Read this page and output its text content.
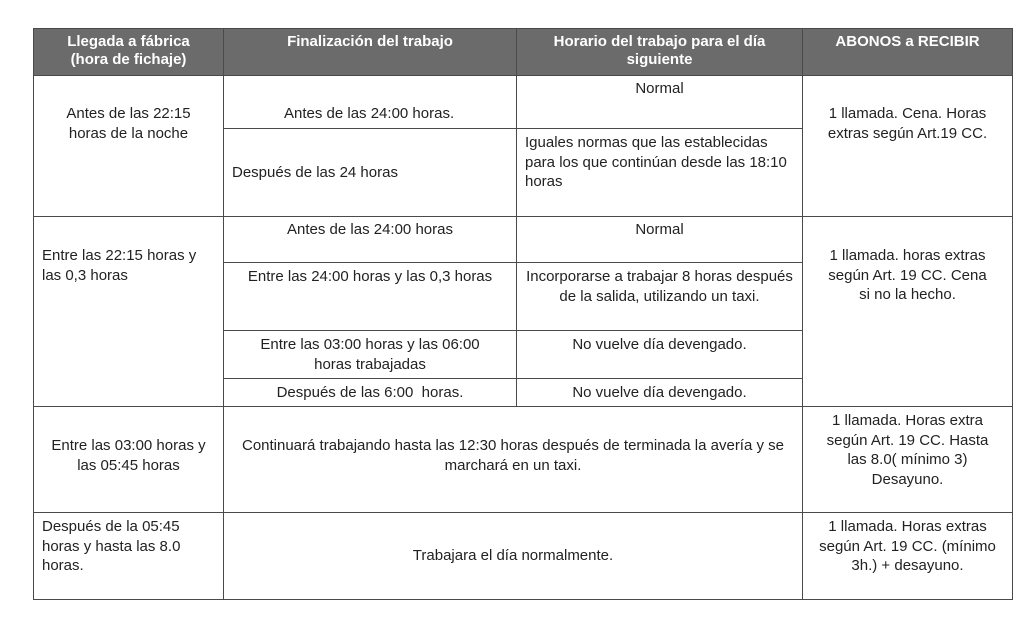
Llegada a fábrica (hora de fichaje)	Finalización del trabajo	Horario del trabajo para el día siguiente	ABONOS a RECIBIR
Antes de las 22:15 horas de la noche	Antes de las 24:00 horas.	Normal	1 llamada. Cena. Horas extras según Art.19 CC.
	Después de las 24 horas	Iguales normas que las establecidas para los que continúan desde las 18:10 horas	
Entre las 22:15 horas y las 0,3 horas	Antes de las 24:00 horas	Normal	1 llamada. horas extras según Art. 19 CC. Cena si no la hecho.
	Entre las 24:00 horas y las 0,3 horas	Incorporarse a trabajar 8 horas después de la salida, utilizando un taxi.	
	Entre las 03:00 horas y las 06:00 horas trabajadas	No vuelve día devengado.	
	Después de las 6:00  horas.	No vuelve día devengado.	
Entre las 03:00 horas y las 05:45 horas	Continuará trabajando hasta las 12:30 horas después de terminada la avería y se marchará en un taxi.		1 llamada. Horas extra según Art. 19 CC. Hasta las 8.0( mínimo 3) Desayuno.
Después de la 05:45 horas y hasta las 8.0 horas.	Trabajara el día normalmente.		1 llamada. Horas extras según Art. 19 CC. (mínimo 3h.) + desayuno.
